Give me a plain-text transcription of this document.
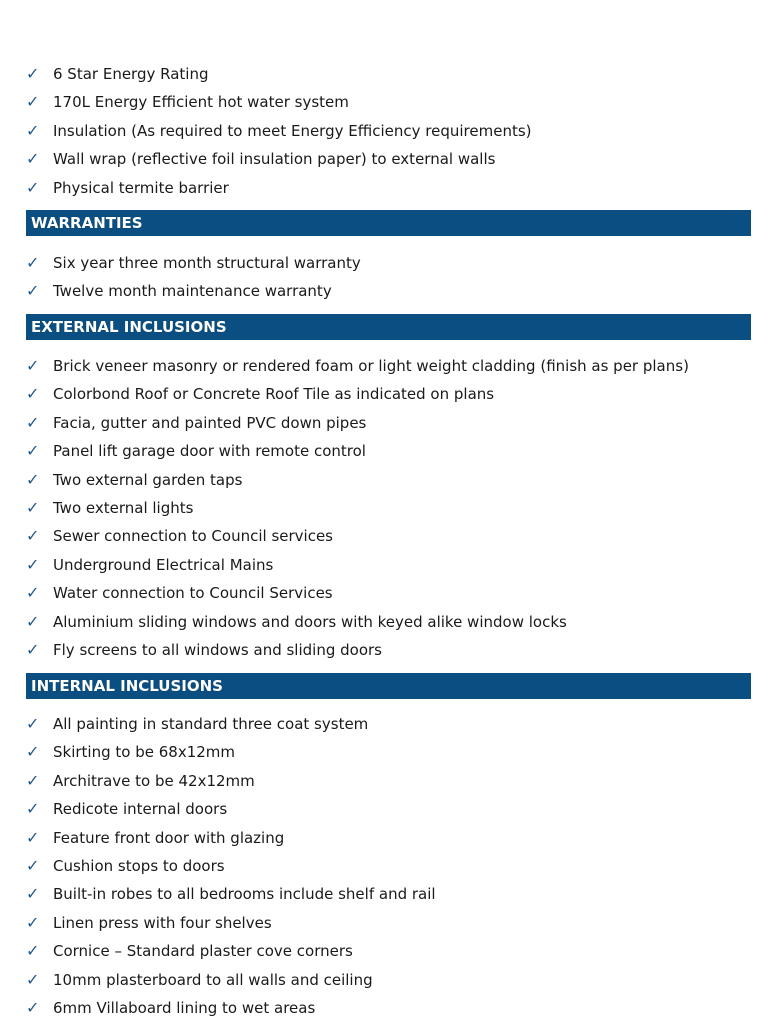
✓ 6 Star Energy Rating
✓ 170L Energy Efficient hot water system
✓ Insulation (As required to meet Energy Efficiency requirements)
✓ Wall wrap (reflective foil insulation paper) to external walls
✓ Physical termite barrier
WARRANTIES
✓ Six year three month structural warranty
✓ Twelve month maintenance warranty
EXTERNAL INCLUSIONS
✓ Brick veneer masonry or rendered foam or light weight cladding (finish as per plans)
✓ Colorbond Roof or Concrete Roof Tile as indicated on plans
✓ Facia, gutter and painted PVC down pipes
✓ Panel lift garage door with remote control
✓ Two external garden taps
✓ Two external lights
✓ Sewer connection to Council services
✓ Underground Electrical Mains
✓ Water connection to Council Services
✓ Aluminium sliding windows and doors with keyed alike window locks
✓ Fly screens to all windows and sliding doors
INTERNAL INCLUSIONS
✓ All painting in standard three coat system
✓ Skirting to be 68x12mm
✓ Architrave to be 42x12mm
✓ Redicote internal doors
✓ Feature front door with glazing
✓ Cushion stops to doors
✓ Built-in robes to all bedrooms include shelf and rail
✓ Linen press with four shelves
✓ Cornice – Standard plaster cove corners
✓ 10mm plasterboard to all walls and ceiling
✓ 6mm Villaboard lining to wet areas
